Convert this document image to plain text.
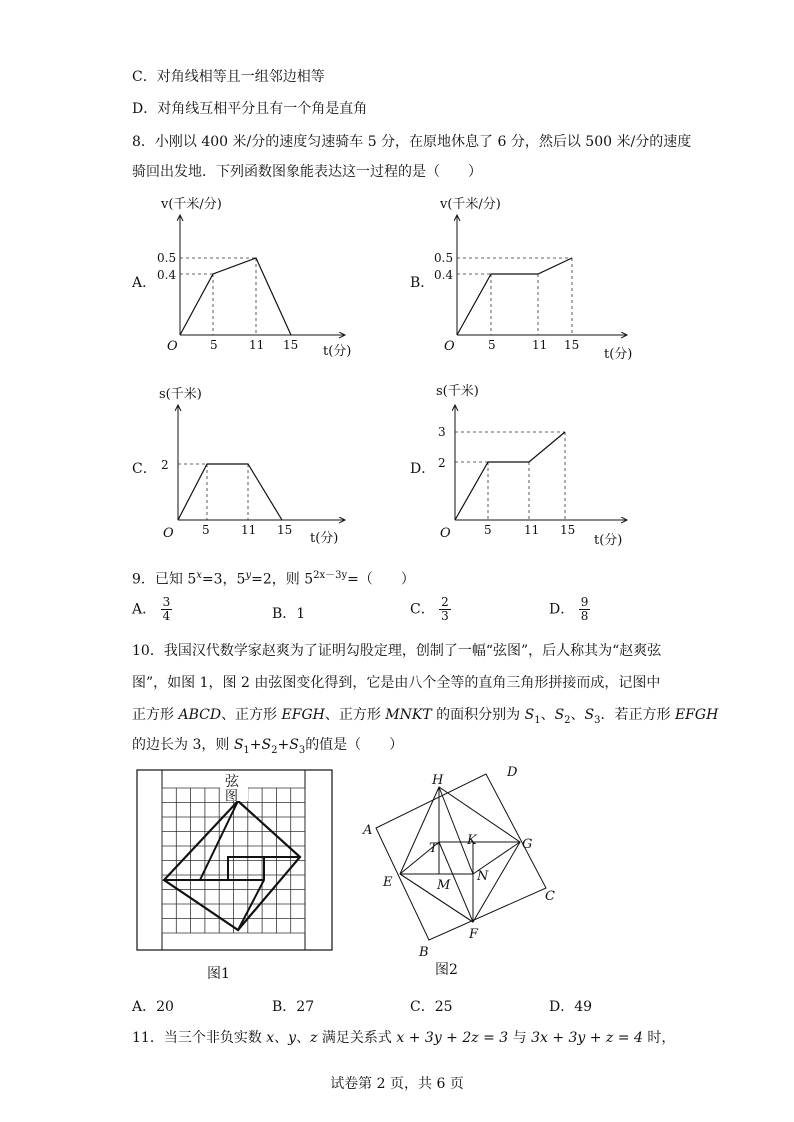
C．对角线相等且一组邻边相等
D．对角线互相平分且有一个角是直角
8．小刚以 400 米/分的速度匀速骑车 5 分，在原地休息了 6 分，然后以 500 米/分的速度
骑回出发地．下列函数图象能表达这一过程的是（　　）
A．	B．
C．	D．
v(千米/分)
t(分)
O	5	11 15
0.4
0.5
v(千米/分)
t(分)
O	5	11 15
0.4
0.5
s(千米)
t(分)
O 5	11 15
2
s(千米)
t(分)
O	5	11 15
2
3
9．已知 $5^x=3$，$5^y=2$，则 $5^{2x-3y}=$（　　）
A． $\frac{3}{4}$	B．1	C． $\frac{2}{3}$	D． $\frac{9}{8}$
10．我国汉代数学家赵爽为了证明勾股定理，创制了一幅“弦图”，后人称其为“赵爽弦
图”，如图 1，图 2 由弦图变化得到，它是由八个全等的直角三角形拼接而成，记图中
正方形 ABCD、正方形 EFGH、正方形 MNKT 的面积分别为 $S_1$、$S_2$、$S_3$．若正方形 EFGH
的边长为 3，则 $S_1+S_2+S_3$的值是（　　）
弦
图
图1
A
B
C
D
E
F
G
H
T
K
M
N
图2
A．20	B．27	C．25	D．49
11．当三个非负实数 x、y、z 满足关系式 x + 3y + 2z = 3 与 3x + 3y + z = 4 时，
试卷第 2 页，共 6 页
